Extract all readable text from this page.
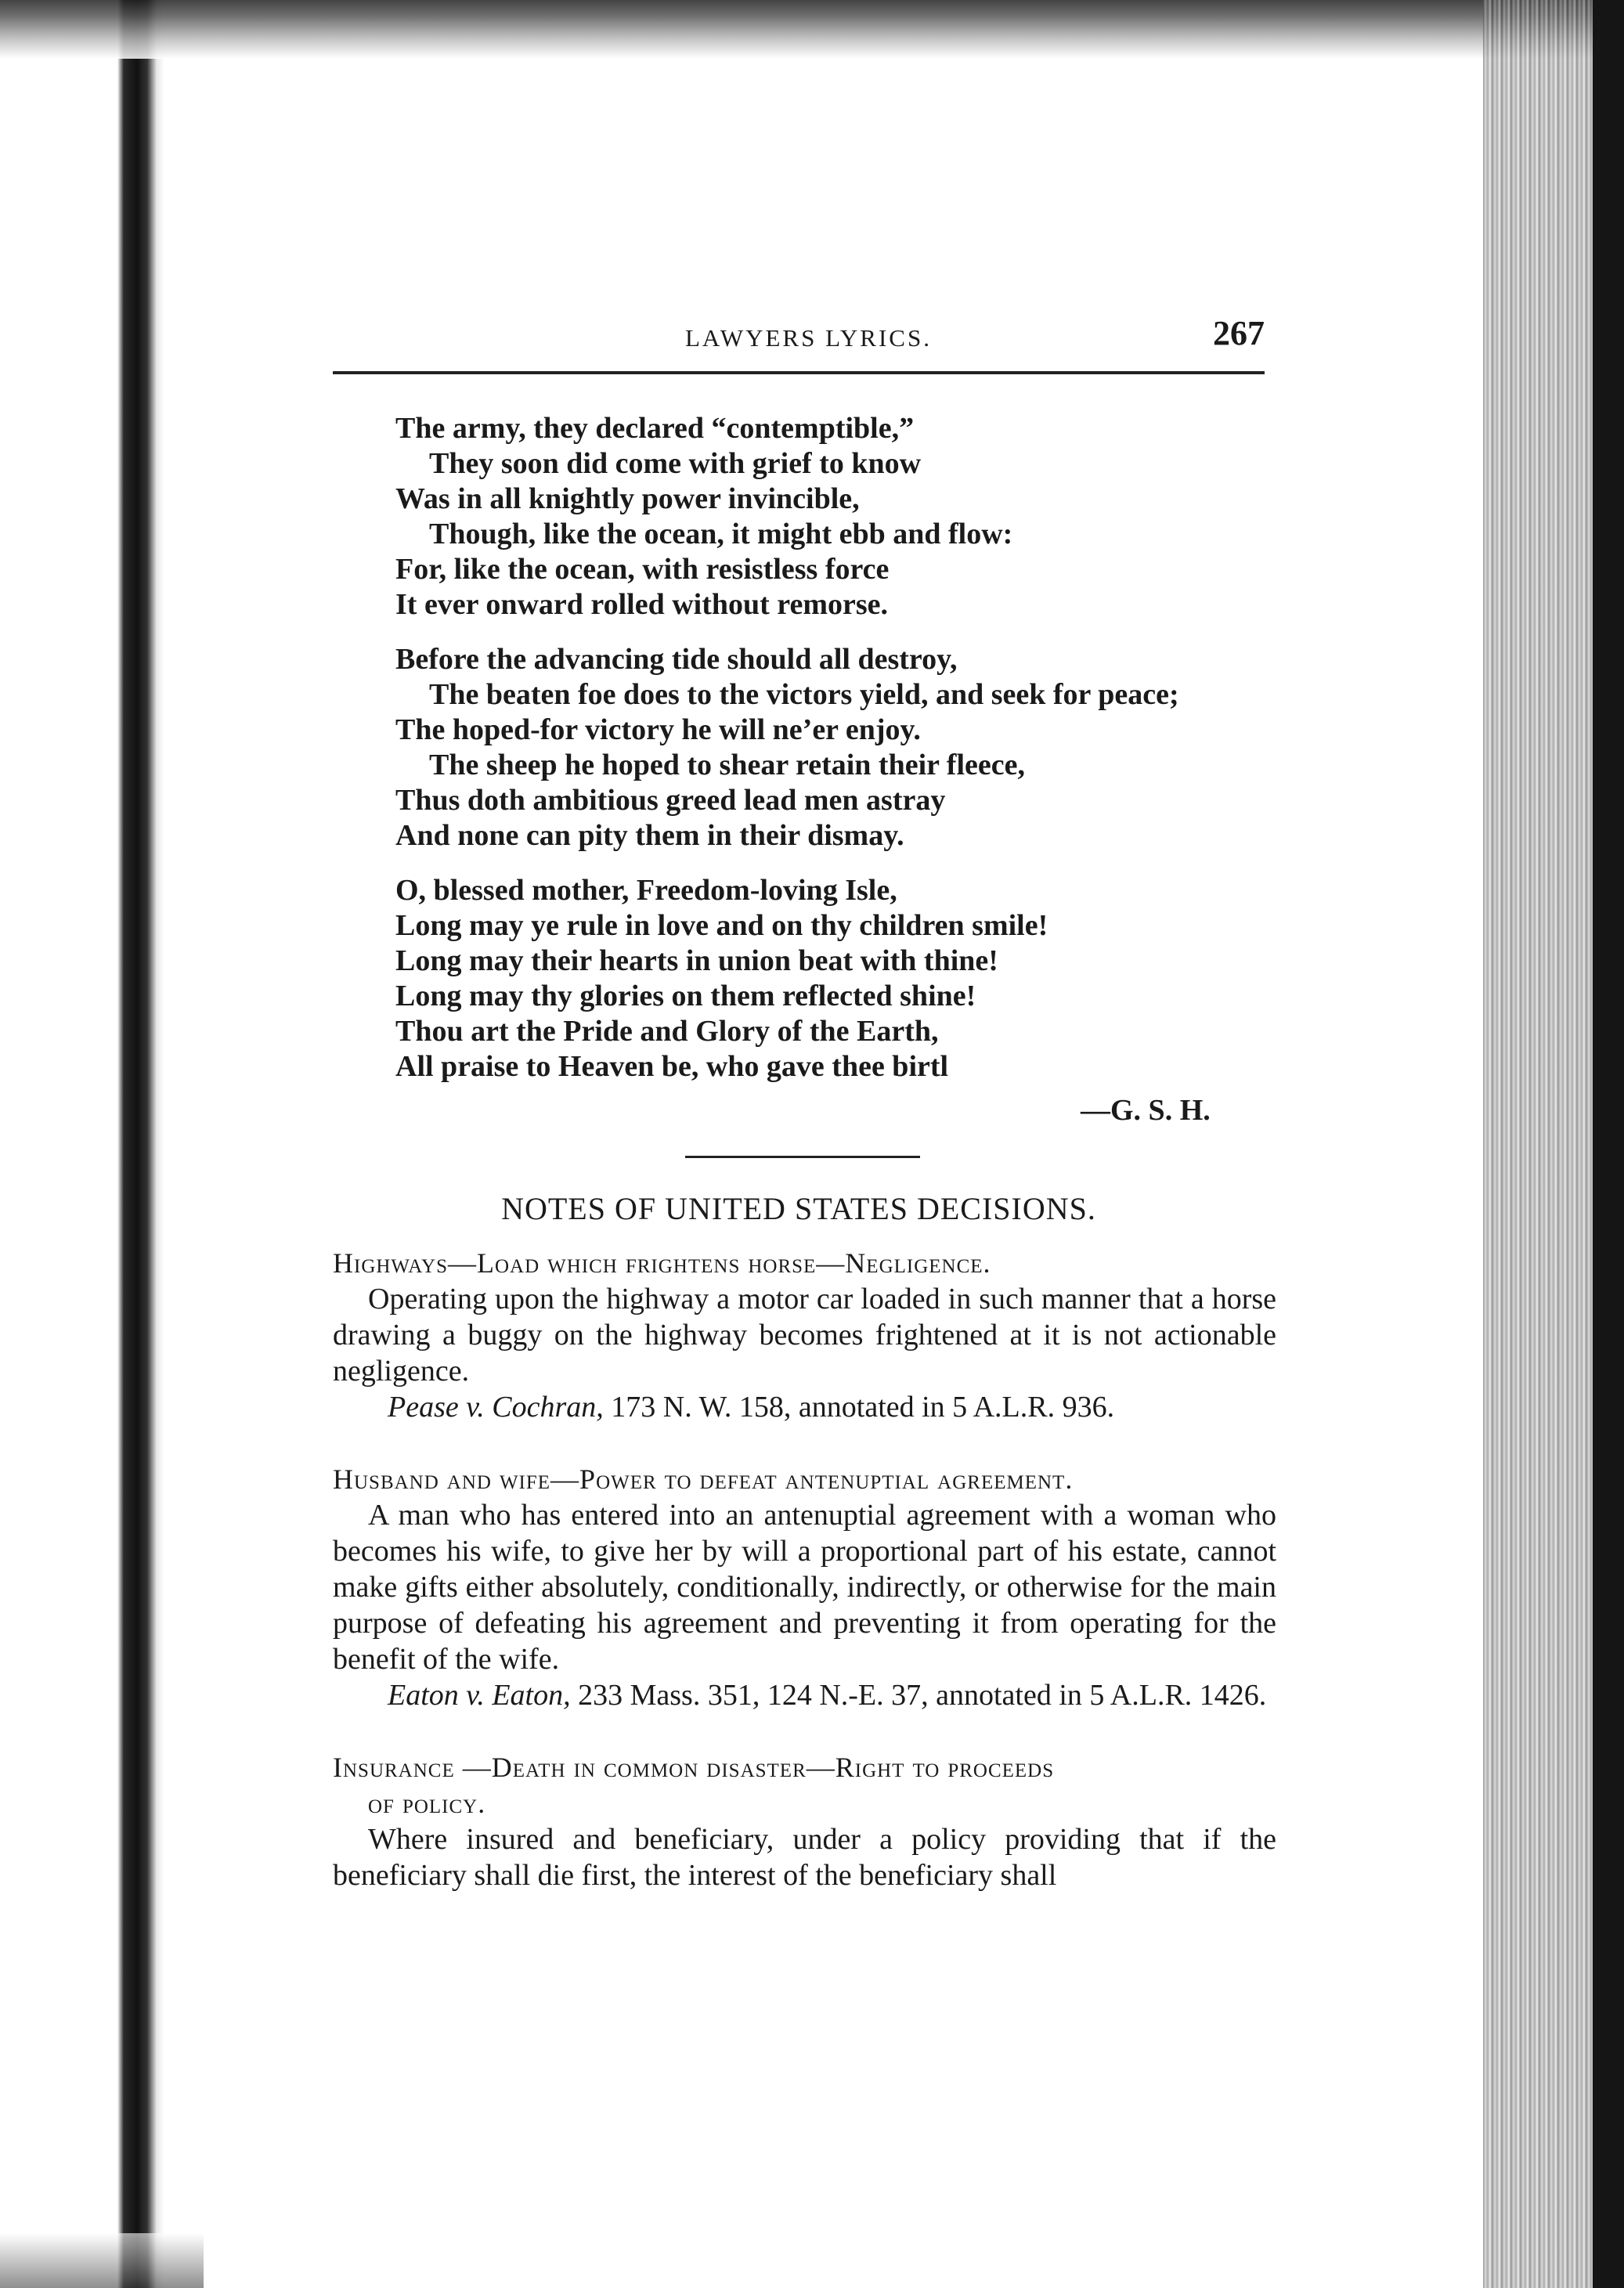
LAWYERS LYRICS.	267
The army, they declared “contemptible,”
They soon did come with grief to know
Was in all knightly power invincible,
Though, like the ocean, it might ebb and flow:
For, like the ocean, with resistless force
It ever onward rolled without remorse.
Before the advancing tide should all destroy,
The beaten foe does to the victors yield, and seek for peace;
The hoped-for victory he will ne’er enjoy.
The sheep he hoped to shear retain their fleece,
Thus doth ambitious greed lead men astray
And none can pity them in their dismay.
O, blessed mother, Freedom-loving Isle,
Long may ye rule in love and on thy children smile!
Long may their hearts in union beat with thine!
Long may thy glories on them reflected shine!
Thou art the Pride and Glory of the Earth,
All praise to Heaven be, who gave thee birtl
—G. S. H.
NOTES OF UNITED STATES DECISIONS.
Highways—Load which frightens horse—Negligence.
Operating upon the highway a motor car loaded in such manner that a horse drawing a buggy on the highway becomes frightened at it is not actionable negligence.
Pease v. Cochran, 173 N. W. 158, annotated in 5 A.L.R. 936.
Husband and wife—Power to defeat antenuptial agreement.
A man who has entered into an antenuptial agreement with a woman who becomes his wife, to give her by will a proportional part of his estate, cannot make gifts either absolutely, conditionally, indirectly, or otherwise for the main purpose of defeating his agreement and preventing it from operating for the benefit of the wife.
Eaton v. Eaton, 233 Mass. 351, 124 N.-E. 37, annotated in 5 A.L.R. 1426.
Insurance —Death in common disaster—Right to proceeds
of policy.
Where insured and beneficiary, under a policy providing that if the beneficiary shall die first, the interest of the beneficiary shall
